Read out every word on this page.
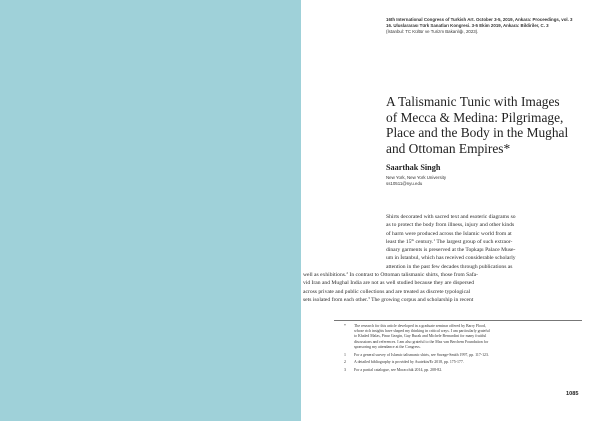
16th International Congress of Turkish Art. October 3-5, 2019, Ankara: Proceedings, vol. 3
16. Uluslararası Türk Sanatları Kongresi. 3-5 Ekim 2019, Ankara: Bildiriler, C. 3
(İstanbul: TC Kültür ve Turizm Bakanlığı, 2023).
A Talismanic Tunic with Images
of Mecca & Medina: Pilgrimage,
Place and the Body in the Mughal
and Ottoman Empires*
Saarthak Singh
New York, New York University
ss10511@nyu.edu
Shirts decorated with sacred text and esoteric diagrams so
as to protect the body from illness, injury and other kinds
of harm were produced across the Islamic world from at
least the 15th century.$^1$ The largest group of such extraor-
dinary garments is preserved at the Topkapı Palace Muse-
um in İstanbul, which has received considerable scholarly
attention in the past few decades through publications as
well as exhibitions.$^2$ In contrast to Ottoman talismanic shirts, those from Safa-
vid Iran and Mughal India are not as well studied because they are dispersed
across private and public collections and are treated as discrete typological
sets isolated from each other.$^3$ The growing corpus and scholarship in recent
* The research for this article developed in a graduate seminar offered by Barry Flood,
whose rich insights have shaped my thinking in critical ways. I am particularly grateful
to Khaled Malas, Pinar Gezgin, Guy Burak and Michele Bernardini for many fruitful
discussions and references. I am also grateful to the Max van Berchem Foundation for
sponsoring my attendance at the Congress.
1 For a general survey of Islamic talismanic shirts, see Savage-Smith 1997, pp. 117-123.
2 A detailed bibliography is provided by Asatekin/Er 2018, pp. 175-177.
3 For a partial catalogue, see Moracchik 2014, pp. 208-82.
1085
